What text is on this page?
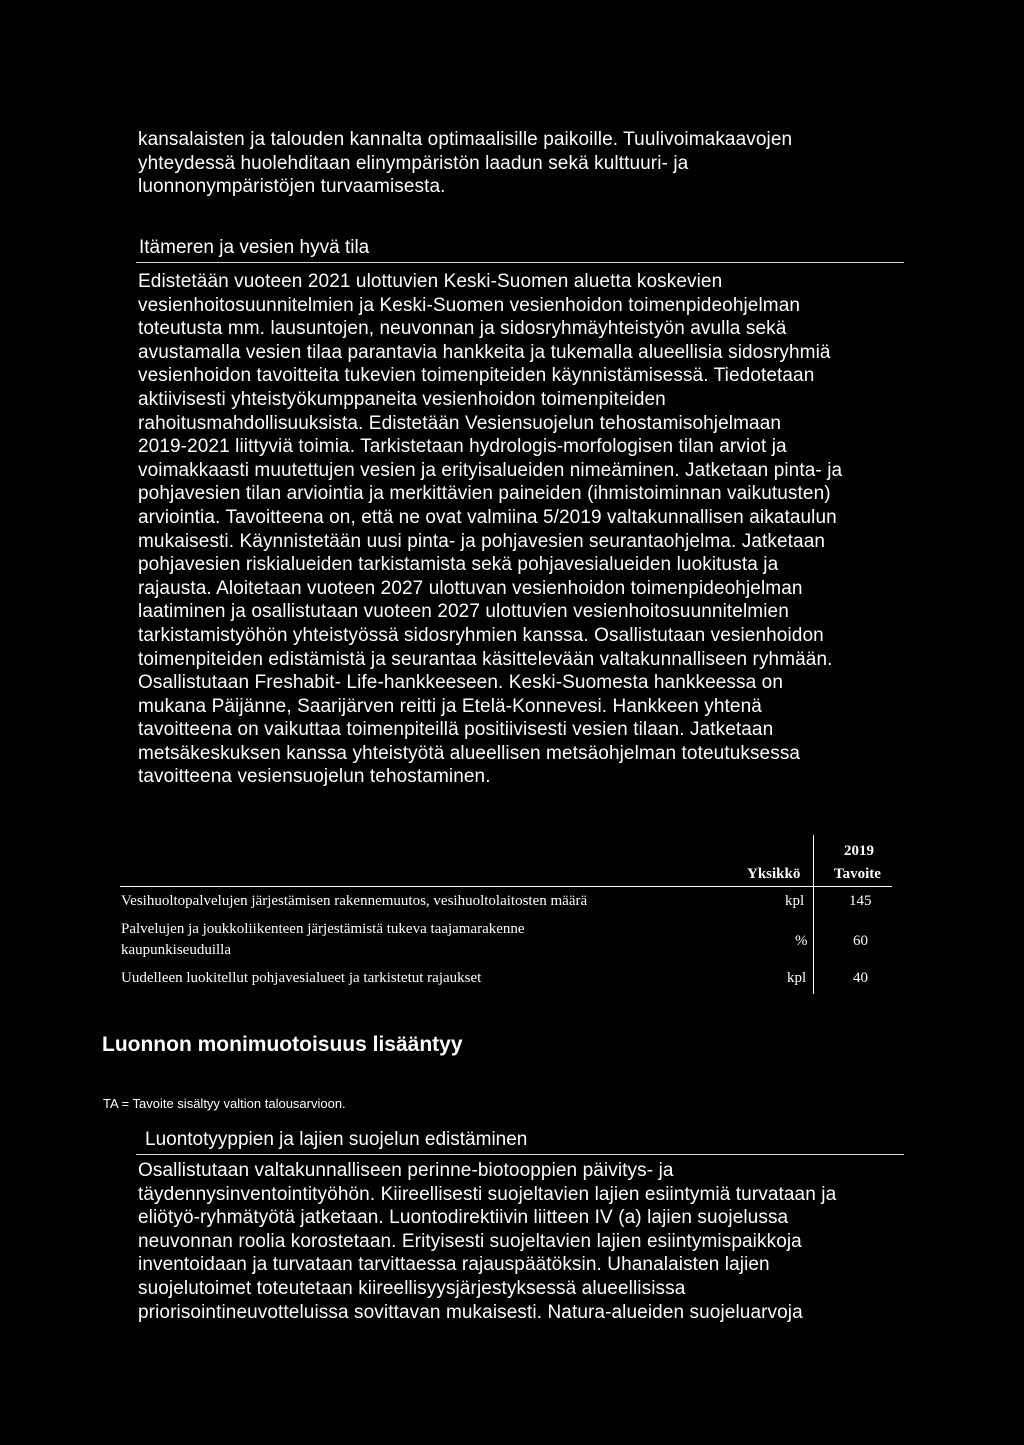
kansalaisten ja talouden kannalta optimaalisille paikoille. Tuulivoimakaavojen
yhteydessä huolehditaan elinympäristön laadun sekä kulttuuri- ja
luonnonympäristöjen turvaamisesta.
Itämeren ja vesien hyvä tila
Edistetään vuoteen 2021 ulottuvien Keski-Suomen aluetta koskevien
vesienhoitosuunnitelmien ja Keski-Suomen vesienhoidon toimenpideohjelman
toteutusta mm. lausuntojen, neuvonnan ja sidosryhmäyhteistyön avulla sekä
avustamalla vesien tilaa parantavia hankkeita ja tukemalla alueellisia sidosryhmiä
vesienhoidon tavoitteita tukevien toimenpiteiden käynnistämisessä. Tiedotetaan
aktiivisesti yhteistyökumppaneita vesienhoidon toimenpiteiden
rahoitusmahdollisuuksista. Edistetään Vesiensuojelun tehostamisohjelmaan
2019-2021 liittyviä toimia. Tarkistetaan hydrologis-morfologisen tilan arviot ja
voimakkaasti muutettujen vesien ja erityisalueiden nimeäminen. Jatketaan pinta- ja
pohjavesien tilan arviointia ja merkittävien paineiden (ihmistoiminnan vaikutusten)
arviointia. Tavoitteena on, että ne ovat valmiina 5/2019 valtakunnallisen aikataulun
mukaisesti. Käynnistetään uusi pinta- ja pohjavesien seurantaohjelma. Jatketaan
pohjavesien riskialueiden tarkistamista sekä pohjavesialueiden luokitusta ja
rajausta. Aloitetaan vuoteen 2027 ulottuvan vesienhoidon toimenpideohjelman
laatiminen ja osallistutaan vuoteen 2027 ulottuvien vesienhoitosuunnitelmien
tarkistamistyöhön yhteistyössä sidosryhmien kanssa. Osallistutaan vesienhoidon
toimenpiteiden edistämistä ja seurantaa käsittelevään valtakunnalliseen ryhmään.
Osallistutaan Freshabit- Life-hankkeeseen. Keski-Suomesta hankkeessa on
mukana Päijänne, Saarijärven reitti ja Etelä-Konnevesi. Hankkeen yhtenä
tavoitteena on vaikuttaa toimenpiteillä positiivisesti vesien tilaan. Jatketaan
metsäkeskuksen kanssa yhteistyötä alueellisen metsäohjelman toteutuksessa
tavoitteena vesiensuojelun tehostaminen.
2019
Yksikkö Tavoite
Vesihuoltopalvelujen järjestämisen rakennemuutos, vesihuoltolaitosten määrä	kpl	145
Palvelujen ja joukkoliikenteen järjestämistä tukeva taajamarakenne
kaupunkiseuduilla
%	60
Uudelleen luokitellut pohjavesialueet ja tarkistetut rajaukset	kpl	40
Luonnon monimuotoisuus lisääntyy
TA = Tavoite sisältyy valtion talousarvioon.
Luontotyyppien ja lajien suojelun edistäminen
Osallistutaan valtakunnalliseen perinne-biotooppien päivitys- ja
täydennysinventointityöhön. Kiireellisesti suojeltavien lajien esiintymiä turvataan ja
eliötyö-ryhmätyötä jatketaan. Luontodirektiivin liitteen IV (a) lajien suojelussa
neuvonnan roolia korostetaan. Erityisesti suojeltavien lajien esiintymispaikkoja
inventoidaan ja turvataan tarvittaessa rajauspäätöksin. Uhanalaisten lajien
suojelutoimet toteutetaan kiireellisyysjärjestyksessä alueellisissa
priorisointineuvotteluissa sovittavan mukaisesti. Natura-alueiden suojeluarvoja
